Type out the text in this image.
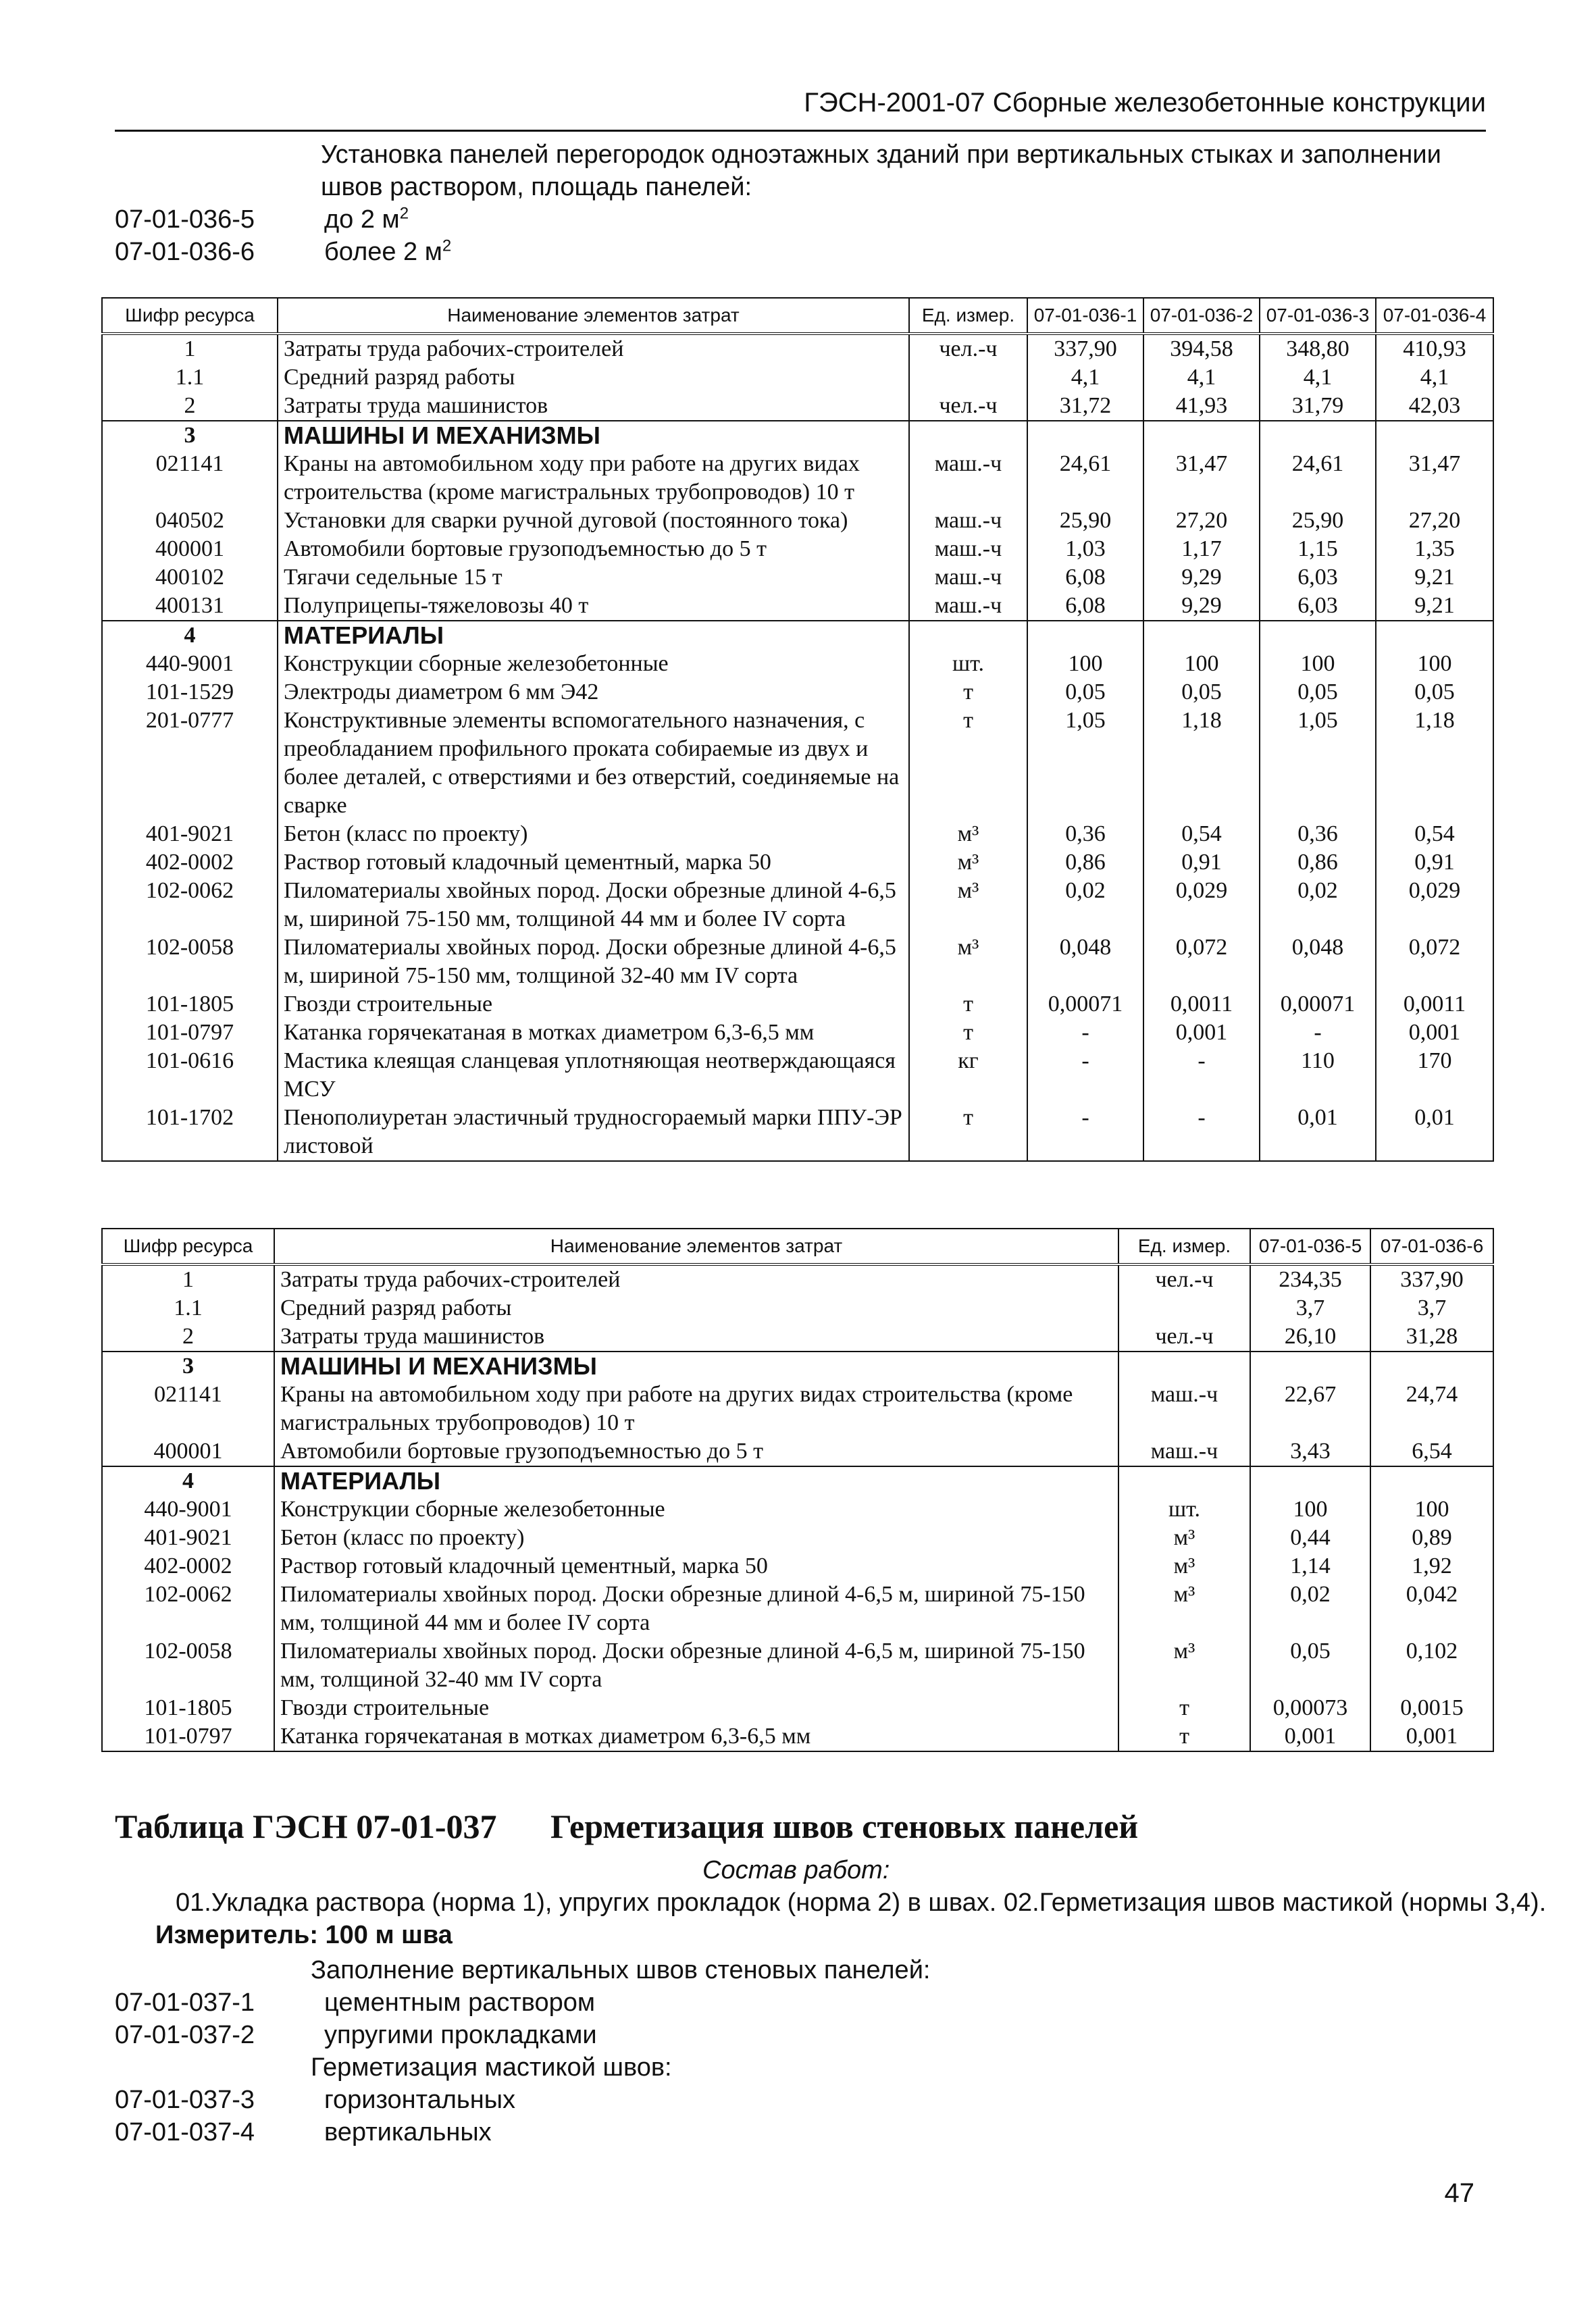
ГЭСН-2001-07 Сборные железобетонные конструкции
Установка панелей перегородок одноэтажных зданий при вертикальных стыках и заполнении швов раствором, площадь панелей:
07-01-036-5	до 2 $м^2$
07-01-036-6	более 2 $м^2$
Шифр ресурса	Наименование элементов затрат	Ед. измер.	07-01-036-1	07-01-036-2	07-01-036-3	07-01-036-4
1	Затраты труда рабочих-строителей	чел.-ч	337,90	394,58	348,80	410,93
1.1	Средний разряд работы		4,1	4,1	4,1	4,1
2	Затраты труда машинистов	чел.-ч	31,72	41,93	31,79	42,03
3	МАШИНЫ И МЕХАНИЗМЫ					
021141	Краны на автомобильном ходу при работе на других видах строительства (кроме магистральных трубопроводов) 10 т	маш.-ч	24,61	31,47	24,61	31,47
040502	Установки для сварки ручной дуговой (постоянного тока)	маш.-ч	25,90	27,20	25,90	27,20
400001	Автомобили бортовые грузоподъемностью до 5 т	маш.-ч	1,03	1,17	1,15	1,35
400102	Тягачи седельные 15 т	маш.-ч	6,08	9,29	6,03	9,21
400131	Полуприцепы-тяжеловозы 40 т	маш.-ч	6,08	9,29	6,03	9,21
4	МАТЕРИАЛЫ					
440-9001	Конструкции сборные железобетонные	шт.	100	100	100	100
101-1529	Электроды диаметром 6 мм Э42	т	0,05	0,05	0,05	0,05
201-0777	Конструктивные элементы вспомогательного назначения, с преобладанием профильного проката собираемые из двух и более деталей, с отверстиями и без отверстий, соединяемые на сварке	т	1,05	1,18	1,05	1,18
401-9021	Бетон (класс по проекту)	м³	0,36	0,54	0,36	0,54
402-0002	Раствор готовый кладочный цементный, марка 50	м³	0,86	0,91	0,86	0,91
102-0062	Пиломатериалы хвойных пород. Доски обрезные длиной 4-6,5 м, шириной 75-150 мм, толщиной 44 мм и более IV сорта	м³	0,02	0,029	0,02	0,029
102-0058	Пиломатериалы хвойных пород. Доски обрезные длиной 4-6,5 м, шириной 75-150 мм, толщиной 32-40 мм IV сорта	м³	0,048	0,072	0,048	0,072
101-1805	Гвозди строительные	т	0,00071	0,0011	0,00071	0,0011
101-0797	Катанка горячекатаная в мотках диаметром 6,3-6,5 мм	т	-	0,001	-	0,001
101-0616	Мастика клеящая сланцевая уплотняющая неотверждающаяся МСУ	кг	-	-	110	170
101-1702	Пенополиуретан эластичный трудносгораемый марки ППУ-ЭР листовой	т	-	-	0,01	0,01
Шифр ресурса	Наименование элементов затрат	Ед. измер.	07-01-036-5	07-01-036-6
1	Затраты труда рабочих-строителей	чел.-ч	234,35	337,90
1.1	Средний разряд работы		3,7	3,7
2	Затраты труда машинистов	чел.-ч	26,10	31,28
3	МАШИНЫ И МЕХАНИЗМЫ			
021141	Краны на автомобильном ходу при работе на других видах строительства (кроме магистральных трубопроводов) 10 т	маш.-ч	22,67	24,74
400001	Автомобили бортовые грузоподъемностью до 5 т	маш.-ч	3,43	6,54
4	МАТЕРИАЛЫ			
440-9001	Конструкции сборные железобетонные	шт.	100	100
401-9021	Бетон (класс по проекту)	м³	0,44	0,89
402-0002	Раствор готовый кладочный цементный, марка 50	м³	1,14	1,92
102-0062	Пиломатериалы хвойных пород. Доски обрезные длиной 4-6,5 м, шириной 75-150 мм, толщиной 44 мм и более IV сорта	м³	0,02	0,042
102-0058	Пиломатериалы хвойных пород. Доски обрезные длиной 4-6,5 м, шириной 75-150 мм, толщиной 32-40 мм IV сорта	м³	0,05	0,102
101-1805	Гвозди строительные	т	0,00073	0,0015
101-0797	Катанка горячекатаная в мотках диаметром 6,3-6,5 мм	т	0,001	0,001
Таблица ГЭСН 07-01-037 Герметизация швов стеновых панелей
Состав работ:
01.Укладка раствора (норма 1), упругих прокладок (норма 2) в швах. 02.Герметизация швов мастикой (нормы 3,4).
Измеритель: 100 м шва
Заполнение вертикальных швов стеновых панелей:
07-01-037-1	цементным раствором
07-01-037-2	упругими прокладками
Герметизация мастикой швов:
07-01-037-3	горизонтальных
07-01-037-4	вертикальных
47
